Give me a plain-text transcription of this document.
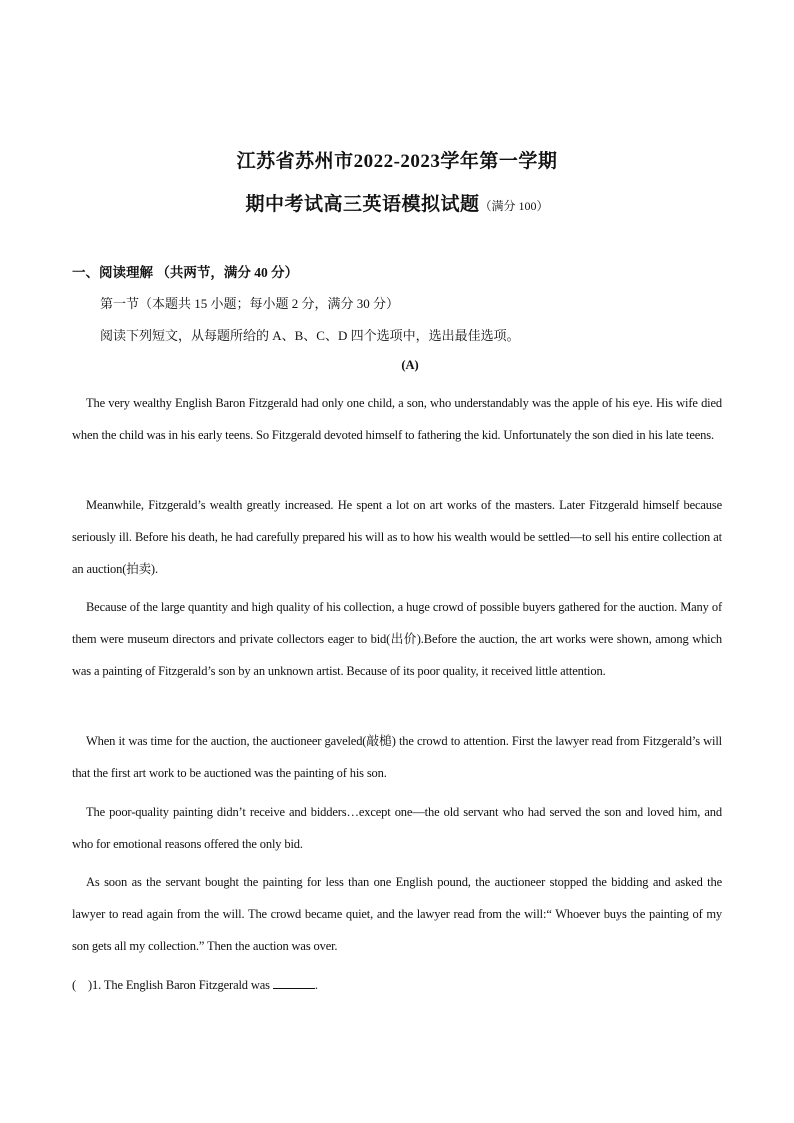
江苏省苏州市2022-2023学年第一学期
期中考试高三英语模拟试题（满分 100）
一、阅读理解 （共两节，满分 40 分）
第一节（本题共 15 小题；每小题 2 分，满分 30 分）
阅读下列短文，从每题所给的 A、B、C、D 四个选项中，选出最佳选项。
(A)

The very wealthy English Baron Fitzgerald had only one child, a son, who understandably was the apple of his eye. His wife died when the child was in his early teens. So Fitzgerald devoted himself to fathering the kid. Unfortunately the son died in his late teens.

Meanwhile, Fitzgerald’s wealth greatly increased. He spent a lot on art works of the masters. Later Fitzgerald himself because seriously ill. Before his death, he had carefully prepared his will as to how his wealth would be settled—to sell his entire collection at an auction(拍卖).

Because of the large quantity and high quality of his collection, a huge crowd of possible buyers gathered for the auction. Many of them were museum directors and private collectors eager to bid(出价).Before the auction, the art works were shown, among which was a painting of Fitzgerald’s son by an unknown artist. Because of its poor quality, it received little attention.

When it was time for the auction, the auctioneer gaveled(敲槌) the crowd to attention. First the lawyer read from Fitzgerald’s will that the first art work to be auctioned was the painting of his son.

The poor-quality painting didn’t receive and bidders…except one—the old servant who had served the son and loved him, and who for emotional reasons offered the only bid.

As soon as the servant bought the painting for less than one English pound, the auctioneer stopped the bidding and asked the lawyer to read again from the will. The crowd became quiet, and the lawyer read from the will:“ Whoever buys the painting of my son gets all my collection.” Then the auction was over.

( )1. The English Baron Fitzgerald was	.
